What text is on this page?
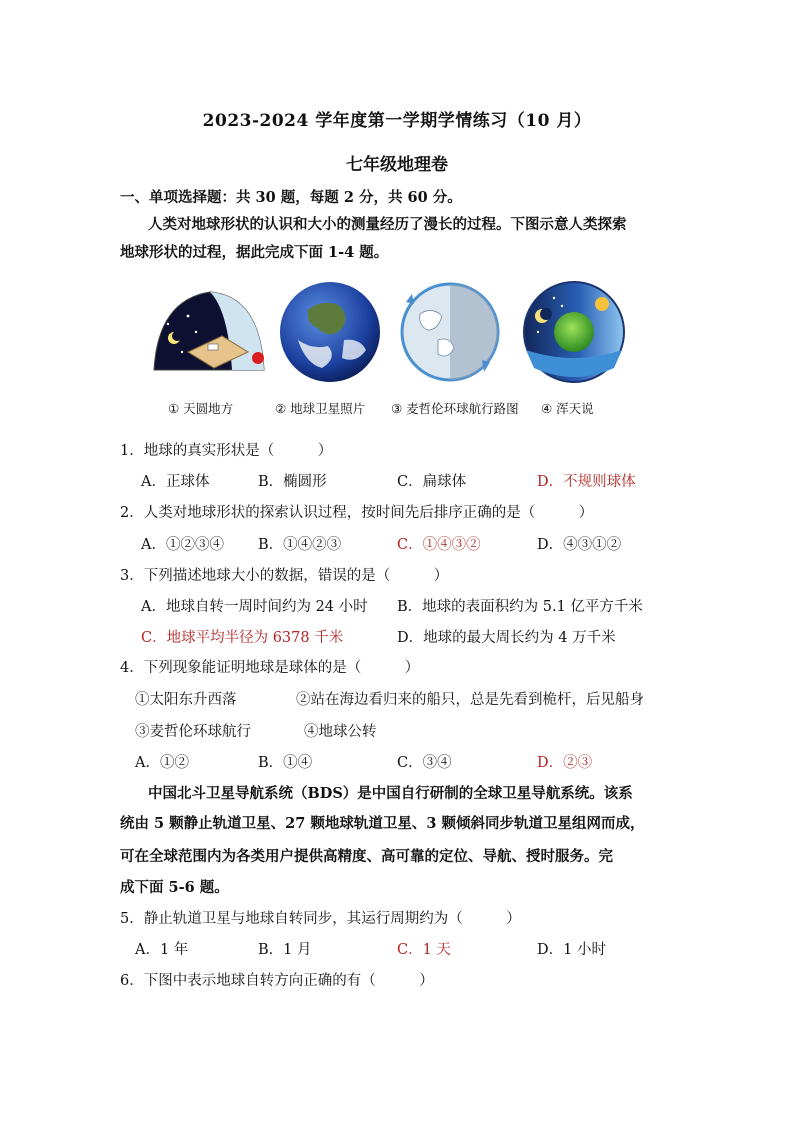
2023-2024 学年度第一学期学情练习（10 月）
七年级地理卷
一、单项选择题：共 30 题，每题 2 分，共 60 分。
人类对地球形状的认识和大小的测量经历了漫长的过程。下图示意人类探索
地球形状的过程，据此完成下面 1-4 题。
① 天圆地方	② 地球卫星照片 ③ 麦哲伦环球航行路图 ④ 浑天说
1．地球的真实形状是（　　　）
A．正球体	B．椭圆形	C．扁球体	D．不规则球体
2．人类对地球形状的探索认识过程，按时间先后排序正确的是（　　　）
A．①②③④ B．①④②③	C．①④③②	D．④③①②
3．下列描述地球大小的数据，错误的是（　　　）
A．地球自转一周时间约为 24 小时 B．地球的表面积约为 5.1 亿平方千米
C．地球平均半径为 6378 千米	D．地球的最大周长约为 4 万千米
4．下列现象能证明地球是球体的是（　　　）
①太阳东升西落	②站在海边看归来的船只，总是先看到桅杆，后见船身
③麦哲伦环球航行	④地球公转
A．①②	B．①④	C．③④	D．②③
中国北斗卫星导航系统（BDS）是中国自行研制的全球卫星导航系统。该系
统由 5 颗静止轨道卫星、27 颗地球轨道卫星、3 颗倾斜同步轨道卫星组网而成，
可在全球范围内为各类用户提供高精度、高可靠的定位、导航、授时服务。完
成下面 5-6 题。
5．静止轨道卫星与地球自转同步，其运行周期约为（　　　）
A．1 年	B．1 月	C．1 天	D．1 小时
6．下图中表示地球自转方向正确的有（　　　）
